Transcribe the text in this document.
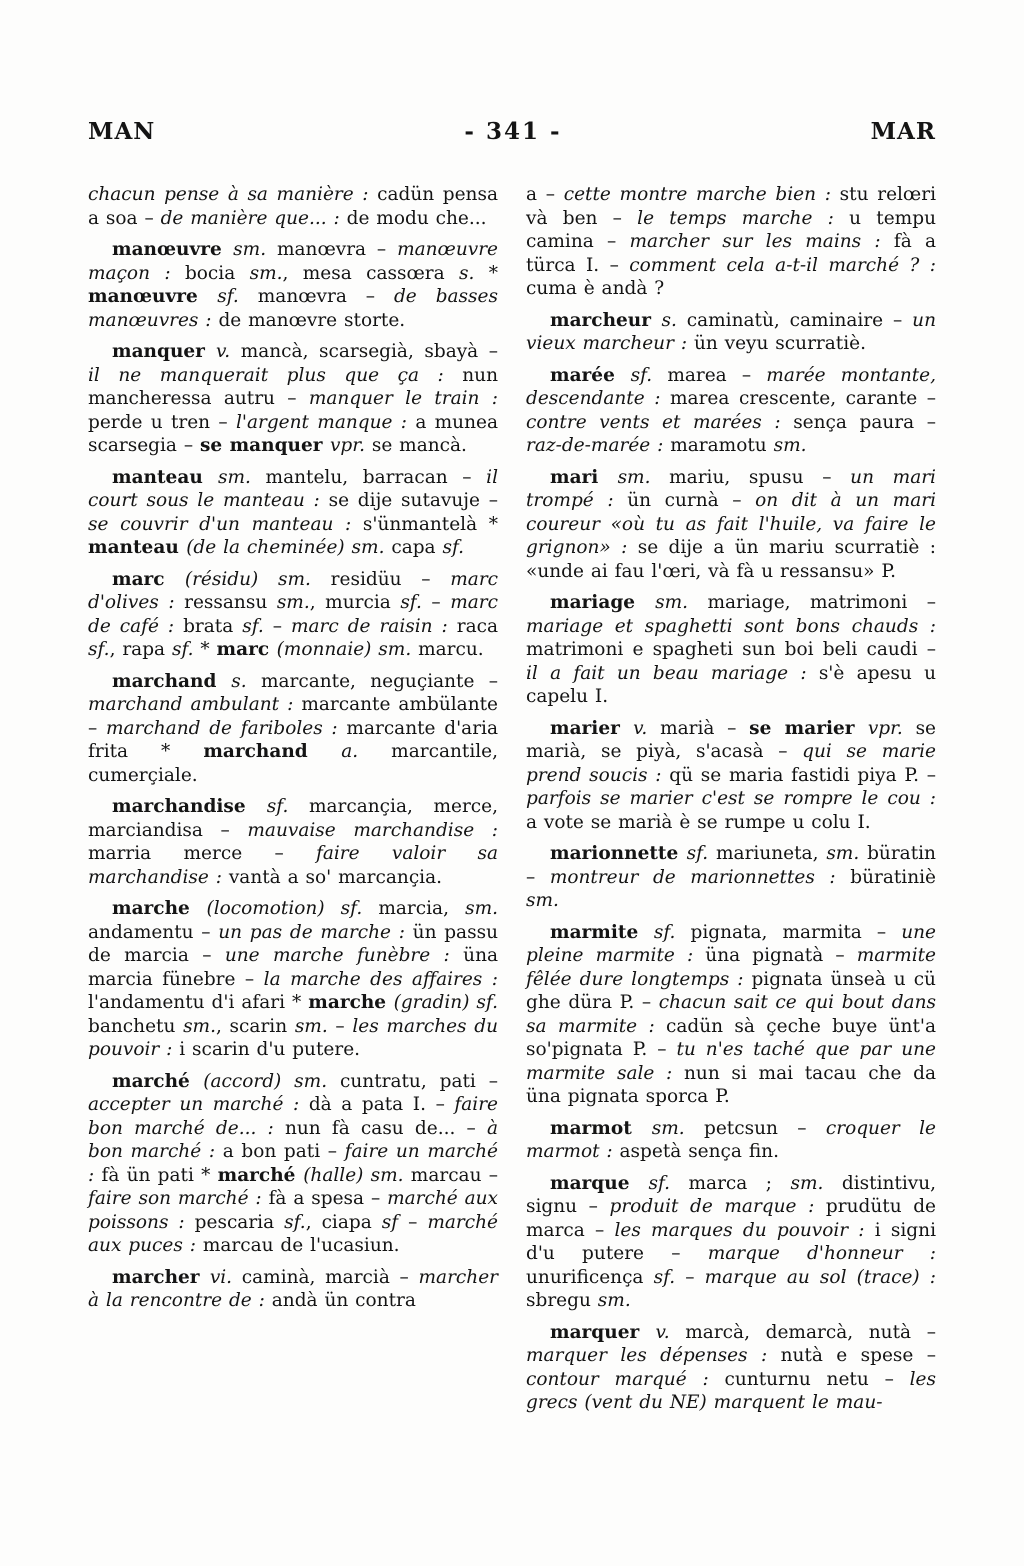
MAN	- 341 -	MAR

chacun pense à sa manière : cadün pensa a soa – de manière que... : de modu che...

manœuvre sm. manœvra – manœuvre maçon : bocia sm., mesa cassœra s. * manœuvre sf. manœvra – de basses manœuvres : de manœvre storte.

manquer v. mancà, scarsegià, sbayà – il ne manquerait plus que ça : nun mancheressa autru – manquer le train : perde u tren – l'argent manque : a munea scarsegia – se manquer vpr. se mancà.

manteau sm. mantelu, barracan – il court sous le manteau : se dije sutavuje – se couvrir d'un manteau : s'ünmantelà * manteau (de la cheminée) sm. capa sf.

marc (résidu) sm. residüu – marc d'olives : ressansu sm., murcia sf. – marc de café : brata sf. – marc de raisin : raca sf., rapa sf. * marc (monnaie) sm. marcu.

marchand s. marcante, neguçiante – marchand ambulant : marcante ambülante – marchand de fariboles : marcante d'aria frita * marchand a. marcantile, cumerçiale.

marchandise sf. marcançia, merce, marciandisa – mauvaise marchandise : marria merce – faire valoir sa marchandise : vantà a so' marcançia.

marche (locomotion) sf. marcia, sm. andamentu – un pas de marche : ün passu de marcia – une marche funèbre : üna marcia fünebre – la marche des affaires : l'andamentu d'i afari * marche (gradin) sf. banchetu sm., scarin sm. – les marches du pouvoir : i scarin d'u putere.

marché (accord) sm. cuntratu, pati – accepter un marché : dà a pata I. – faire bon marché de... : nun fà casu de... – à bon marché : a bon pati – faire un marché : fà ün pati * marché (halle) sm. marcau – faire son marché : fà a spesa – marché aux poissons : pescaria sf., ciapa sf – marché aux puces : marcau de l'ucasiun.

marcher vi. caminà, marcià – marcher à la rencontre de : andà ün contra

a – cette montre marche bien : stu relœri và ben – le temps marche : u tempu camina – marcher sur les mains : fà a türca I. – comment cela a-t-il marché ? : cuma è andà ?

marcheur s. caminatù, caminaire – un vieux marcheur : ün veyu scurratiè.

marée sf. marea – marée montante, descendante : marea crescente, carante – contre vents et marées : sença paura – raz-de-marée : maramotu sm.

mari sm. mariu, spusu – un mari trompé : ün curnà – on dit à un mari coureur «où tu as fait l'huile, va faire le grignon» : se dije a ün mariu scurratiè : «unde ai fau l'œri, và fà u ressansu» P.

mariage sm. mariage, matrimoni – mariage et spaghetti sont bons chauds : matrimoni e spagheti sun boi beli caudi – il a fait un beau mariage : s'è apesu u capelu I.

marier v. marià – se marier vpr. se marià, se piyà, s'acasà – qui se marie prend soucis : qü se maria fastidi piya P. – parfois se marier c'est se rompre le cou : a vote se marià è se rumpe u colu I.

marionnette sf. mariuneta, sm. büratin – montreur de marionnettes : büratiniè sm.

marmite sf. pignata, marmita – une pleine marmite : üna pignatà – marmite fêlée dure longtemps : pignata ünseà u cü ghe düra P. – chacun sait ce qui bout dans sa marmite : cadün sà çeche buye ünt'a so'pignata P. – tu n'es taché que par une marmite sale : nun si mai tacau che da üna pignata sporca P.

marmot sm. petcsun – croquer le marmot : aspetà sença fin.

marque sf. marca ; sm. distintivu, signu – produit de marque : prudütu de marca – les marques du pouvoir : i signi d'u putere – marque d'honneur : unurificença sf. – marque au sol (trace) : sbregu sm.

marquer v. marcà, demarcà, nutà – marquer les dépenses : nutà e spese – contour marqué : cunturnu netu – les grecs (vent du NE) marquent le mau-
